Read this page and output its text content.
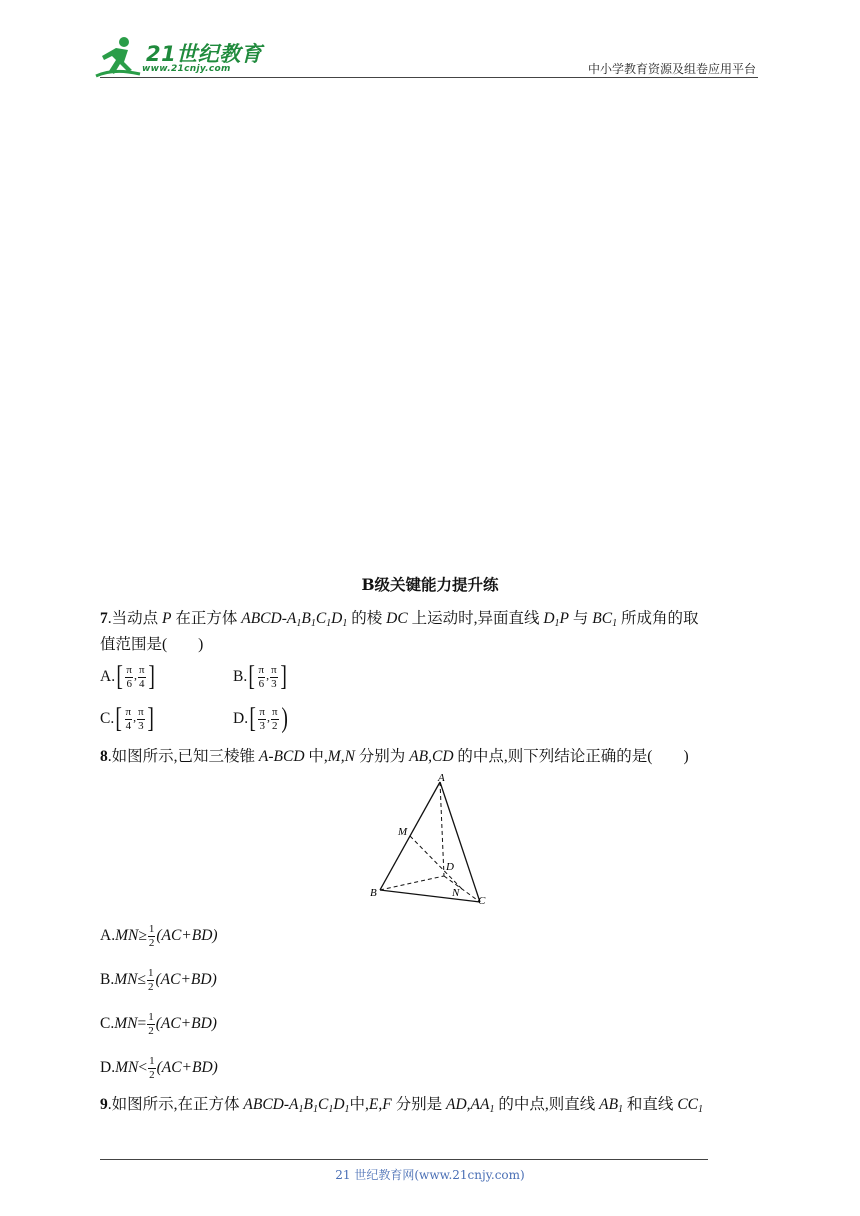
21世纪教育
www.21cnjy.com	中小学教育资源及组卷应用平台
B级关键能力提升练

7.当动点 P 在正方体 ABCD-$A_1B_1C_1D_1$ 的棱 DC 上运动时,异面直线 $D_1P$ 与 $BC_1$ 所成角的取
值范围是(　　)

A. [ $\frac{\pi}{6}$ , $\frac{\pi}{4}$ ]	B. [ $\frac{\pi}{6}$ , $\frac{\pi}{3}$ ]
C. [ $\frac{\pi}{4}$ , $\frac{\pi}{3}$ ]	D. [ $\frac{\pi}{3}$ , $\frac{\pi}{2}$ )

8.如图所示,已知三棱锥 A-BCD 中,M,N 分别为 AB,CD 的中点,则下列结论正确的是(　　)

A
B
C
D
M
N
A. MN ≥ $\frac{1}{2} (AC+BD)$
B. MN ≤ $\frac{1}{2} (AC+BD)$
C. MN = $\frac{1}{2} (AC+BD)$
D. MN < $\frac{1}{2} (AC+BD)$

9.如图所示,在正方体 ABCD-$A_1B_1C_1D_1$中,E,F 分别是 $AD,AA_1$ 的中点,则直线 $AB_1$ 和直线 $CC_1$

21 世纪教育网(www.21cnjy.com)
